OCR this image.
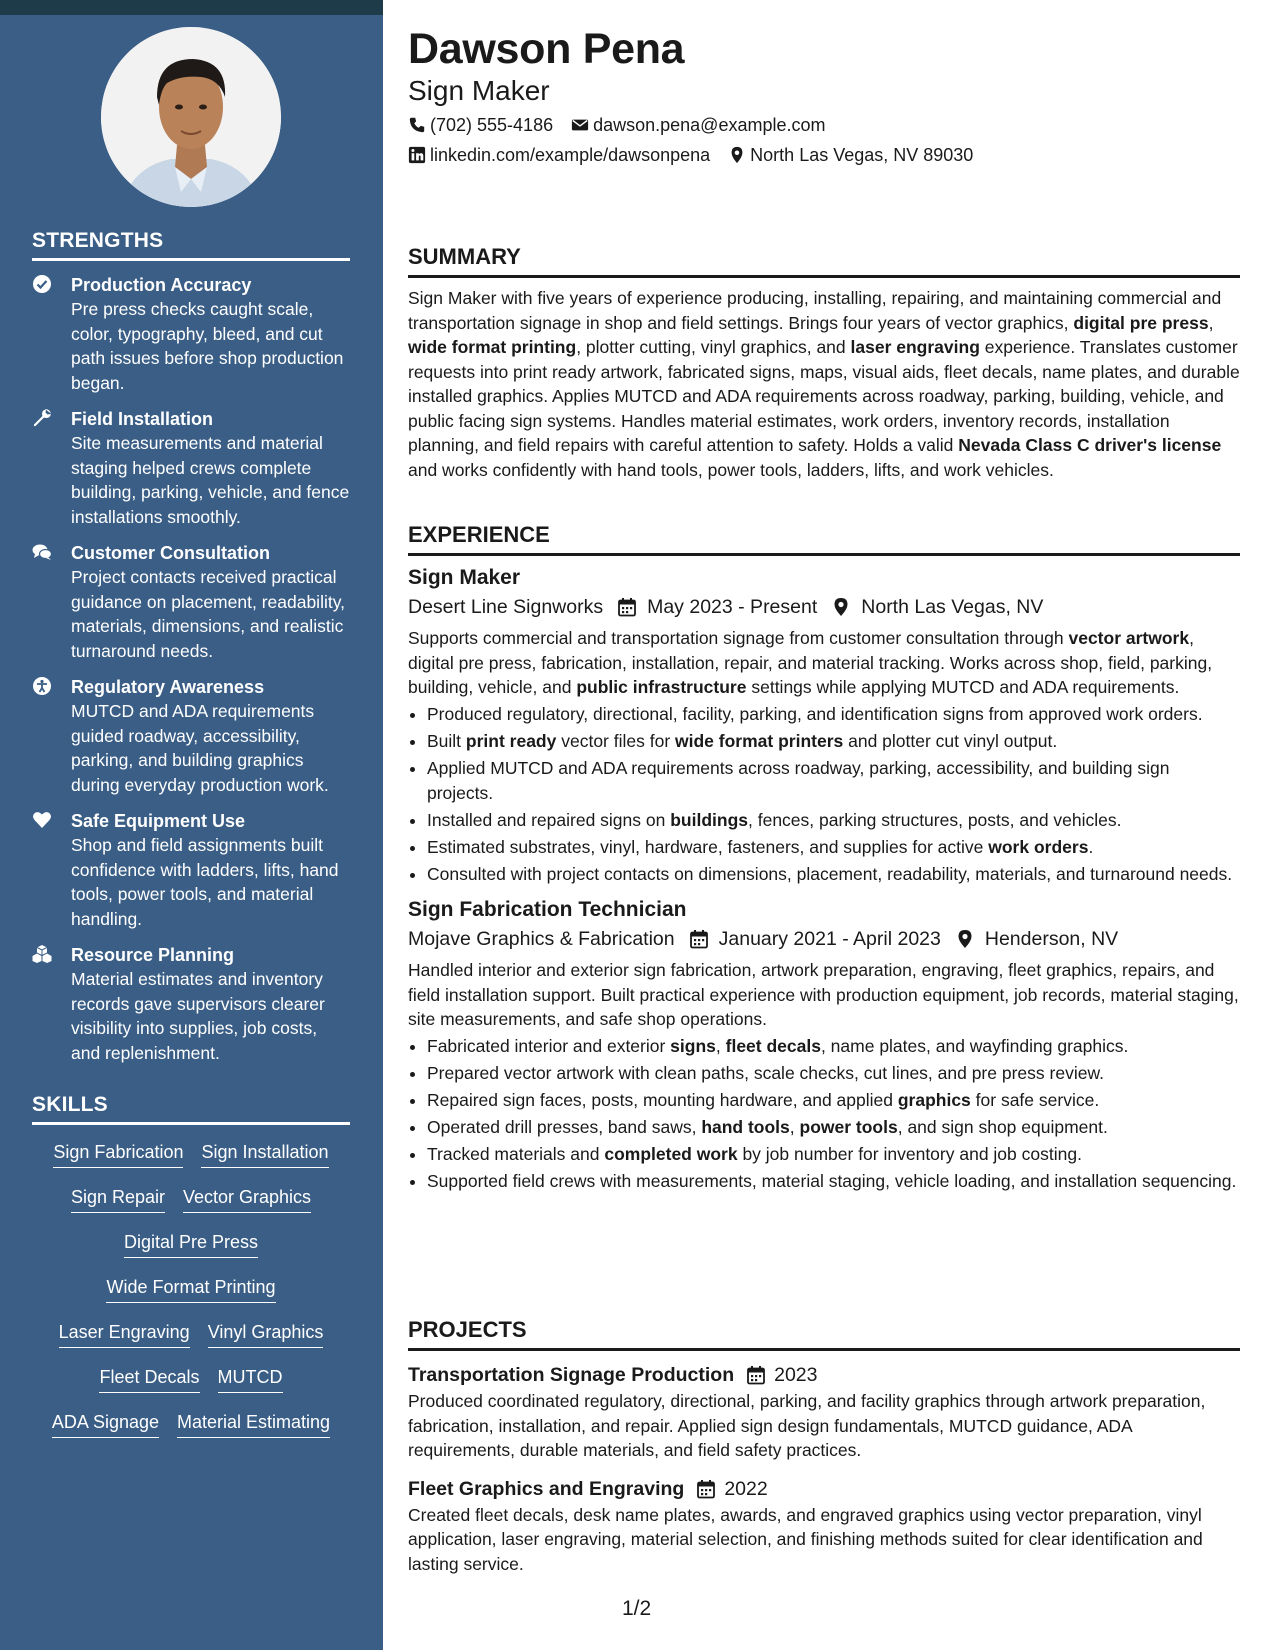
STRENGTHS
Production Accuracy
Pre press checks caught scale, color, typography, bleed, and cut path issues before shop production began.
Field Installation
Site measurements and material staging helped crews complete building, parking, vehicle, and fence installations smoothly.
Customer Consultation
Project contacts received practical guidance on placement, readability, materials, dimensions, and realistic turnaround needs.
Regulatory Awareness
MUTCD and ADA requirements guided roadway, accessibility, parking, and building graphics during everyday production work.
Safe Equipment Use
Shop and field assignments built confidence with ladders, lifts, hand tools, power tools, and material handling.
Resource Planning
Material estimates and inventory records gave supervisors clearer visibility into supplies, job costs, and replenishment.
SKILLS
Sign Fabrication Sign Installation
Sign Repair Vector Graphics
Digital Pre Press
Wide Format Printing
Laser Engraving Vinyl Graphics
Fleet Decals MUTCD
ADA Signage Material Estimating
Dawson Pena
Sign Maker
(702) 555-4186 dawson.pena@example.com
linkedin.com/example/dawsonpena North Las Vegas, NV 89030
SUMMARY

Sign Maker with five years of experience producing, installing, repairing, and maintaining commercial and transportation signage in shop and field settings. Brings four years of vector graphics, digital pre press, wide format printing, plotter cutting, vinyl graphics, and laser engraving experience. Translates customer requests into print ready artwork, fabricated signs, maps, visual aids, fleet decals, name plates, and durable installed graphics. Applies MUTCD and ADA requirements across roadway, parking, building, vehicle, and public facing sign systems. Handles material estimates, work orders, inventory records, installation planning, and field repairs with careful attention to safety. Holds a valid Nevada Class C driver's license and works confidently with hand tools, power tools, ladders, lifts, and work vehicles.

EXPERIENCE
Sign Maker
Desert Line Signworks May 2023 - Present North Las Vegas, NV

Supports commercial and transportation signage from customer consultation through vector artwork, digital pre press, fabrication, installation, repair, and material tracking. Works across shop, field, parking, building, vehicle, and public infrastructure settings while applying MUTCD and ADA requirements.

• Produced regulatory, directional, facility, parking, and identification signs from approved work orders.
• Built print ready vector files for wide format printers and plotter cut vinyl output.
• Applied MUTCD and ADA requirements across roadway, parking, accessibility, and building sign projects.
• Installed and repaired signs on buildings, fences, parking structures, posts, and vehicles.
• Estimated substrates, vinyl, hardware, fasteners, and supplies for active work orders.
• Consulted with project contacts on dimensions, placement, readability, materials, and turnaround needs.
Sign Fabrication Technician
Mojave Graphics & Fabrication January 2021 - April 2023 Henderson, NV

Handled interior and exterior sign fabrication, artwork preparation, engraving, fleet graphics, repairs, and field installation support. Built practical experience with production equipment, job records, material staging, site measurements, and safe shop operations.

• Fabricated interior and exterior signs, fleet decals, name plates, and wayfinding graphics.
• Prepared vector artwork with clean paths, scale checks, cut lines, and pre press review.
• Repaired sign faces, posts, mounting hardware, and applied graphics for safe service.
• Operated drill presses, band saws, hand tools, power tools, and sign shop equipment.
• Tracked materials and completed work by job number for inventory and job costing.
• Supported field crews with measurements, material staging, vehicle loading, and installation sequencing.
PROJECTS
Transportation Signage Production 2023

Produced coordinated regulatory, directional, parking, and facility graphics through artwork preparation, fabrication, installation, and repair. Applied sign design fundamentals, MUTCD guidance, ADA requirements, durable materials, and field safety practices.

Fleet Graphics and Engraving 2022

Created fleet decals, desk name plates, awards, and engraved graphics using vector preparation, vinyl application, laser engraving, material selection, and finishing methods suited for clear identification and lasting service.

1/2
